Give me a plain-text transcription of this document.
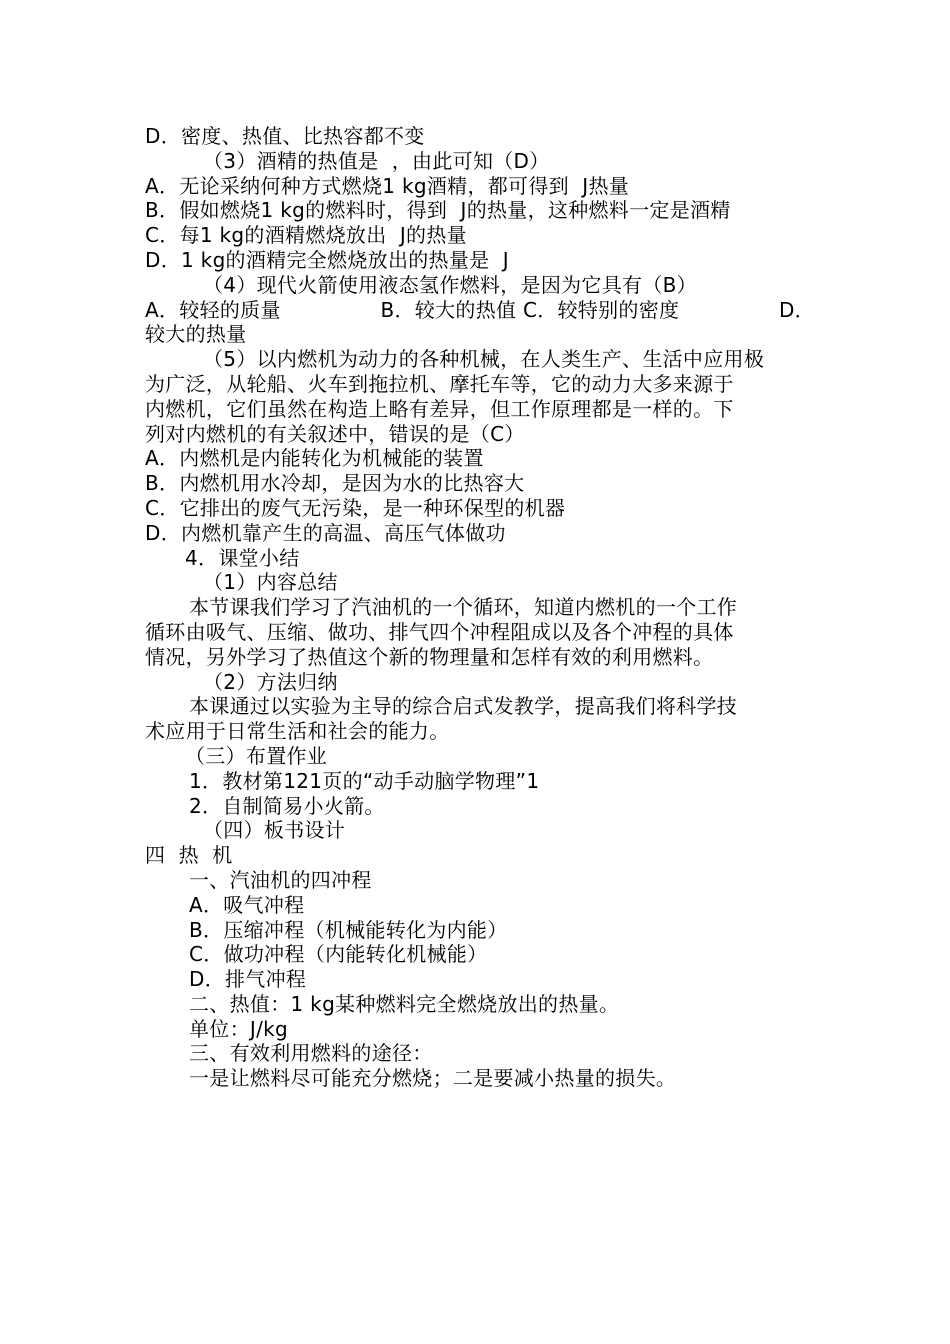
D．密度、热值、比热容都不变
（3）酒精的热值是  ，由此可知（D）
A．无论采纳何种方式燃烧1 kg酒精，都可得到  J热量
B．假如燃烧1 kg的燃料时，得到  J的热量，这种燃料一定是酒精
C．每1 kg的酒精燃烧放出  J的热量
D．1 kg的酒精完全燃烧放出的热量是  J
（4）现代火箭使用液态氢作燃料，是因为它具有（B）
A．较轻的质量	B．较大的热值 C．较特别的密度	D．
较大的热量
（5）以内燃机为动力的各种机械，在人类生产、生活中应用极
为广泛，从轮船、火车到拖拉机、摩托车等，它的动力大多来源于
内燃机，它们虽然在构造上略有差异，但工作原理都是一样的。下
列对内燃机的有关叙述中，错误的是（C）
A．内燃机是内能转化为机械能的装置
B．内燃机用水冷却，是因为水的比热容大
C．它排出的废气无污染，是一种环保型的机器
D．内燃机靠产生的高温、高压气体做功
4．课堂小结
（1）内容总结
本节课我们学习了汽油机的一个循环，知道内燃机的一个工作
循环由吸气、压缩、做功、排气四个冲程阻成以及各个冲程的具体
情况，另外学习了热值这个新的物理量和怎样有效的利用燃料。
（2）方法归纳
本课通过以实验为主导的综合启式发教学，提高我们将科学技
术应用于日常生活和社会的能力。
（三）布置作业
1．教材第121页的“动手动脑学物理”1
2．自制简易小火箭。
（四）板书设计
四  热  机
一、汽油机的四冲程
A．吸气冲程
B．压缩冲程（机械能转化为内能）
C．做功冲程（内能转化机械能）
D．排气冲程
二、热值：1 kg某种燃料完全燃烧放出的热量。
单位：J/kg
三、有效利用燃料的途径：
一是让燃料尽可能充分燃烧；二是要减小热量的损失。
